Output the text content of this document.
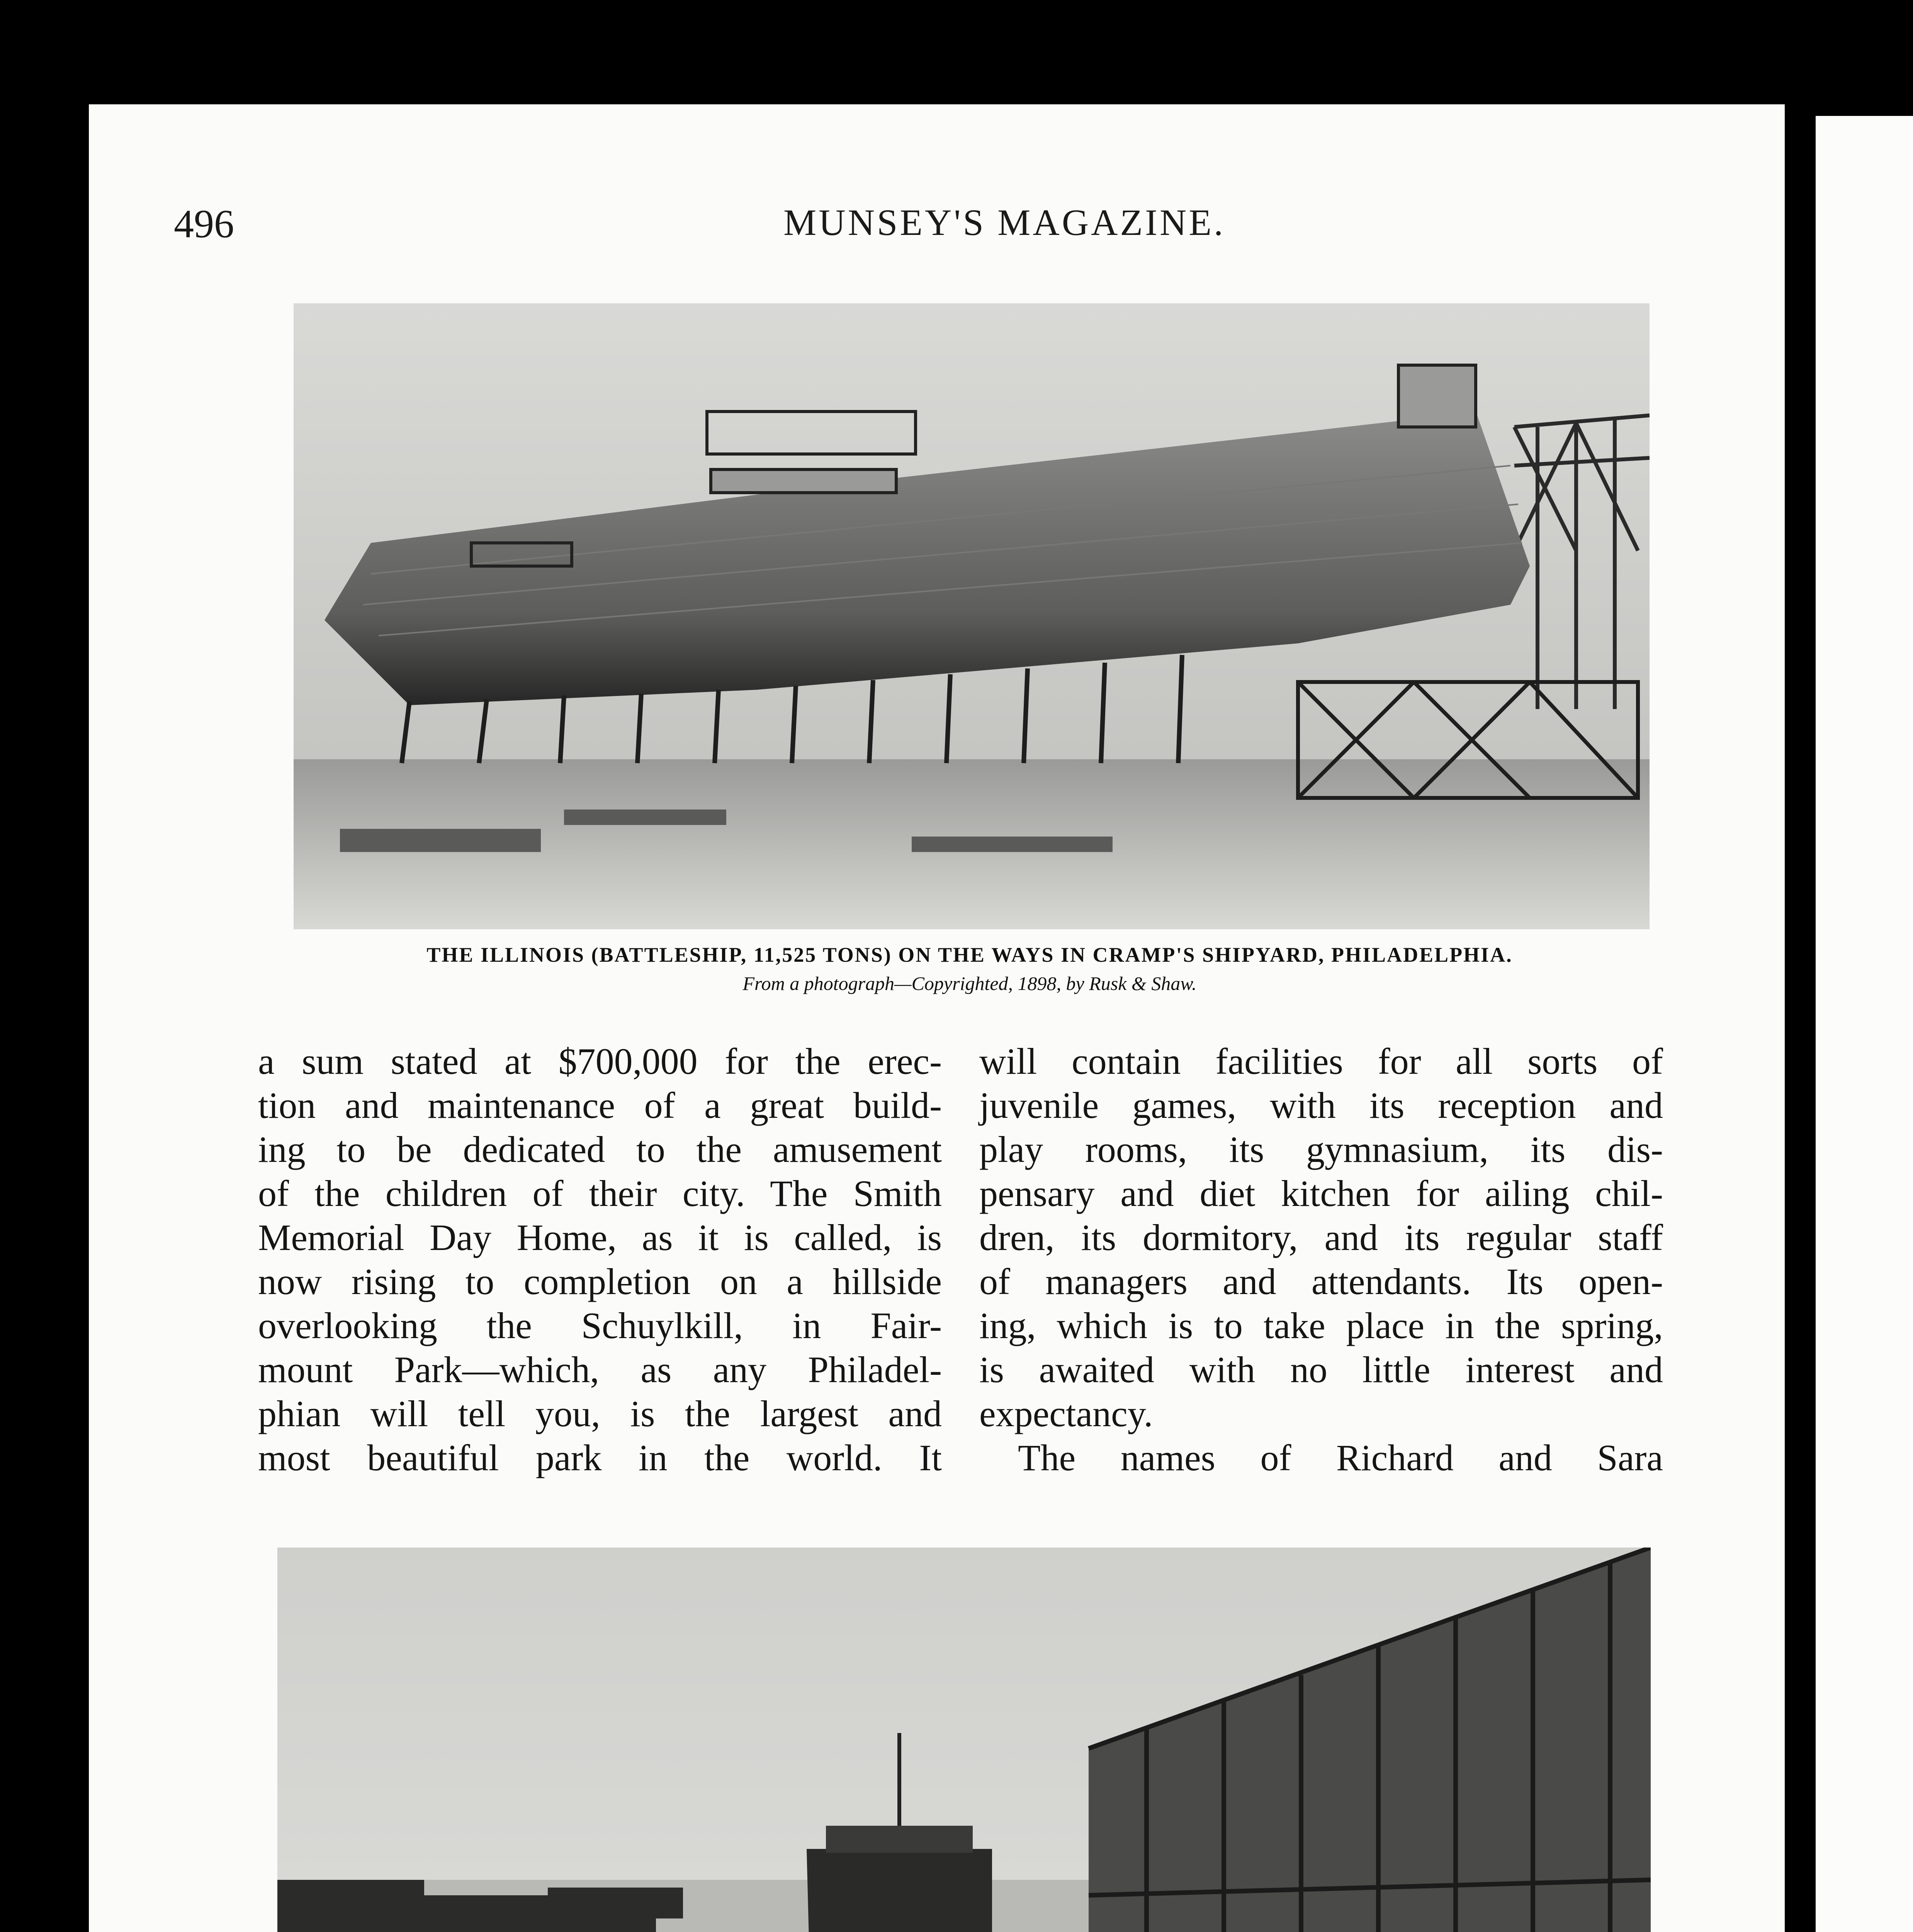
496	MUNSEY'S MAGAZINE.
THE ILLINOIS (BATTLESHIP, 11,525 TONS) ON THE WAYS IN CRAMP'S SHIPYARD, PHILADELPHIA.
From a photograph—Copyrighted, 1898, by Rusk & Shaw.

a sum stated at $700,000 for the erec-
tion and maintenance of a great build-
ing to be dedicated to the amusement
of the children of their city. The Smith
Memorial Day Home, as it is called, is
now rising to completion on a hillside
overlooking the Schuylkill, in Fair-
mount Park—which, as any Philadel-
phian will tell you, is the largest and
most beautiful park in the world. It

will contain facilities for all sorts of
juvenile games, with its reception and
play rooms, its gymnasium, its dis-
pensary and diet kitchen for ailing chil-
dren, its dormitory, and its regular staff
of managers and attendants. Its open-
ing, which is to take place in the spring,
is awaited with no little interest and
expectancy.

The names of Richard and Sara
